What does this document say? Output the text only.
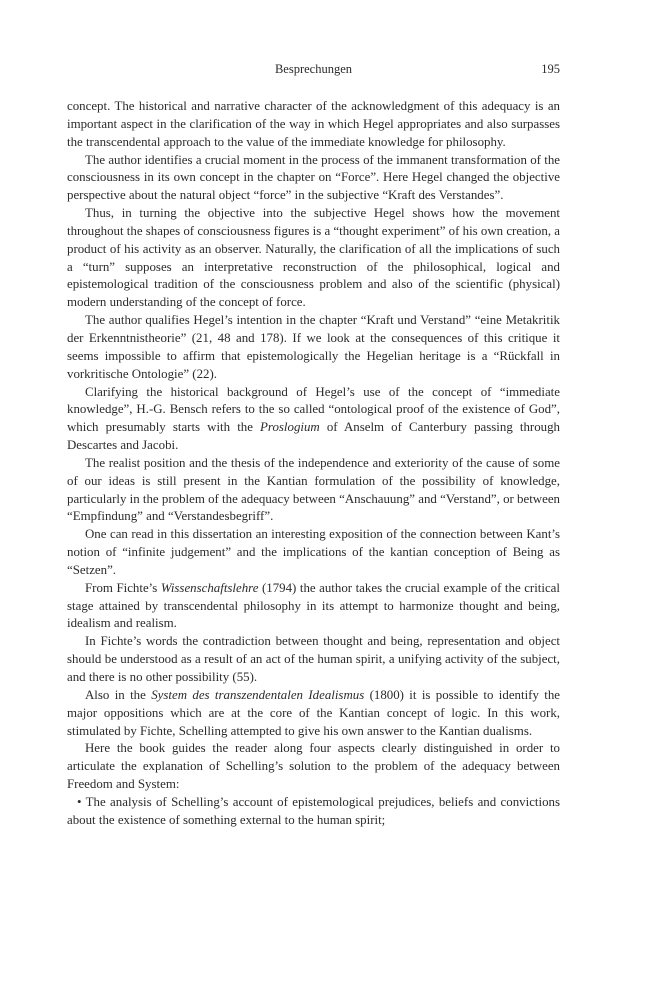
Besprechungen	195

concept. The historical and narrative character of the acknowledgment of this adequacy is an important aspect in the clarification of the way in which Hegel appropriates and also surpasses the transcendental approach to the value of the immediate knowledge for philosophy.

The author identifies a crucial moment in the process of the immanent transformation of the consciousness in its own concept in the chapter on “Force”. Here Hegel changed the objective perspective about the natural object “force” in the subjective “Kraft des Verstandes”.

Thus, in turning the objective into the subjective Hegel shows how the movement throughout the shapes of consciousness figures is a “thought experiment” of his own creation, a product of his activity as an observer. Naturally, the clarification of all the implications of such a “turn” supposes an interpretative reconstruction of the philosophical, logical and epistemological tradition of the consciousness problem and also of the scientific (physical) modern understanding of the concept of force.

The author qualifies Hegel’s intention in the chapter “Kraft und Verstand” “eine Metakritik der Erkenntnistheorie” (21, 48 and 178). If we look at the consequences of this critique it seems impossible to affirm that epistemologically the Hegelian heritage is a “Rückfall in vorkritische Ontologie” (22).

Clarifying the historical background of Hegel’s use of the concept of “immediate knowledge”, H.-G. Bensch refers to the so called “ontological proof of the existence of God”, which presumably starts with the Proslogium of Anselm of Canterbury passing through Descartes and Jacobi.

The realist position and the thesis of the independence and exteriority of the cause of some of our ideas is still present in the Kantian formulation of the possibility of knowledge, particularly in the problem of the adequacy between “Anschauung” and “Verstand”, or between “Empfindung” and “Verstandesbegriff”.

One can read in this dissertation an interesting exposition of the connection between Kant’s notion of “infinite judgement” and the implications of the kantian conception of Being as “Setzen”.

From Fichte’s Wissenschaftslehre (1794) the author takes the crucial example of the critical stage attained by transcendental philosophy in its attempt to harmonize thought and being, idealism and realism.

In Fichte’s words the contradiction between thought and being, representation and object should be understood as a result of an act of the human spirit, a unifying activity of the subject, and there is no other possibility (55).

Also in the System des transzendentalen Idealismus (1800) it is possible to identify the major oppositions which are at the core of the Kantian concept of logic. In this work, stimulated by Fichte, Schelling attempted to give his own answer to the Kantian dualisms.

Here the book guides the reader along four aspects clearly distinguished in order to articulate the explanation of Schelling’s solution to the problem of the adequacy between Freedom and System:

• The analysis of Schelling’s account of epistemological prejudices, beliefs and convictions about the existence of something external to the human spirit;
